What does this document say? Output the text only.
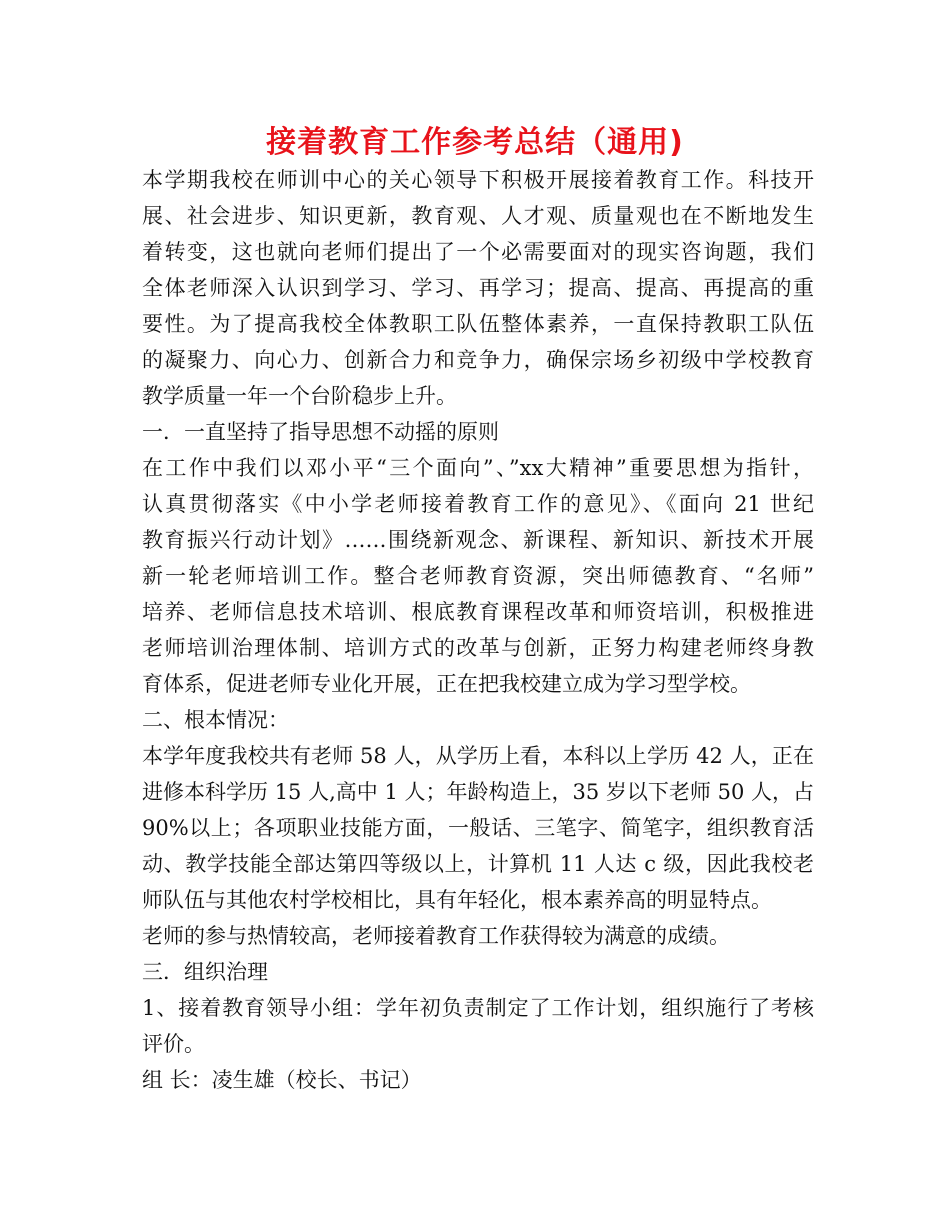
接着教育工作参考总结（通用)
本学期我校在师训中心的关心领导下积极开展接着教育工作。科技开
展、社会进步、知识更新，教育观、人才观、质量观也在不断地发生
着转变，这也就向老师们提出了一个必需要面对的现实咨询题，我们
全体老师深入认识到学习、学习、再学习；提高、提高、再提高的重
要性。为了提高我校全体教职工队伍整体素养，一直保持教职工队伍
的凝聚力、向心力、创新合力和竞争力，确保宗场乡初级中学校教育
教学质量一年一个台阶稳步上升。
一．一直坚持了指导思想不动摇的原则
在工作中我们以邓小平“三个面向”、”xx大精神”重要思想为指针，
认真贯彻落实《中小学老师接着教育工作的意见》、《面向 21 世纪
教育振兴行动计划》……围绕新观念、新课程、新知识、新技术开展
新一轮老师培训工作。整合老师教育资源，突出师德教育、“名师”
培养、老师信息技术培训、根底教育课程改革和师资培训，积极推进
老师培训治理体制、培训方式的改革与创新，正努力构建老师终身教
育体系，促进老师专业化开展，正在把我校建立成为学习型学校。
二、根本情况：
本学年度我校共有老师 58 人，从学历上看，本科以上学历 42 人，正在
进修本科学历 15 人,高中 1 人；年龄构造上，35 岁以下老师 50 人，占
90%以上；各项职业技能方面，一般话、三笔字、简笔字，组织教育活
动、教学技能全部达第四等级以上，计算机 11 人达 c 级，因此我校老
师队伍与其他农村学校相比，具有年轻化，根本素养高的明显特点。
老师的参与热情较高，老师接着教育工作获得较为满意的成绩。
三．组织治理
1、接着教育领导小组：学年初负责制定了工作计划，组织施行了考核
评价。
组 长：凌生雄（校长、书记）
